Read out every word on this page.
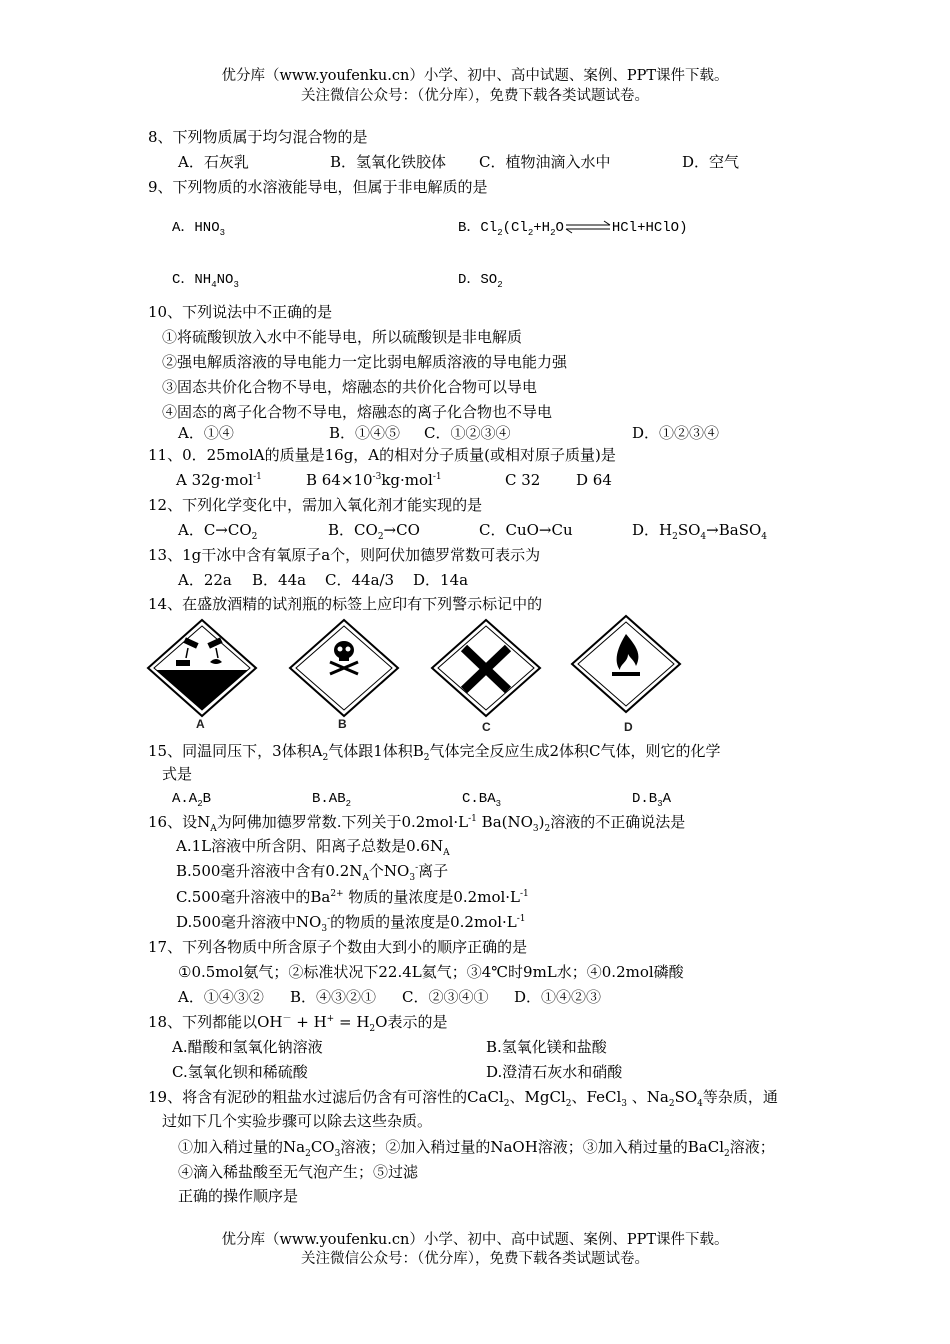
优分库（www.youfenku.cn）小学、初中、高中试题、案例、PPT课件下载。
关注微信公众号：（优分库），免费下载各类试题试卷。
8、下列物质属于均匀混合物的是
A．石灰乳	B．氢氧化铁胶体 C．植物油滴入水中	D．空气
9、下列物质的水溶液能导电，但属于非电解质的是
A．$HNO_3$	B．$Cl_2(Cl_2+H_2O\rightleftharpoons HCl+HClO)$
C．$NH_4NO_3$	D．$SO_2$
10、下列说法中不正确的是
①将硫酸钡放入水中不能导电，所以硫酸钡是非电解质
②强电解质溶液的导电能力一定比弱电解质溶液的导电能力强
③固态共价化合物不导电，熔融态的共价化合物可以导电
④固态的离子化合物不导电，熔融态的离子化合物也不导电
A．①④	B．①④⑤ C．①②③④	D．①②③④
11、0．25molA的质量是16g，A的相对分子质量(或相对原子质量)是
A 32g·mol$^{-1}$	B $64\times 10^{-3}kg\cdot mol^{-1}$	C 32 D 64
12、下列化学变化中，需加入氧化剂才能实现的是
A．$C\to CO_2$	B．$CO_2\to CO$	C．CuO→Cu	D．$H_2SO_4\to BaSO_4$
13、1g干冰中含有氧原子a个，则阿伏加德罗常数可表示为
A．22a B．44a C．44a/3 D．14a
14、在盛放酒精的试剂瓶的标签上应印有下列警示标记中的
A	B	C	D
15、同温同压下，3体积$A_2$气体跟1体积$B_2$气体完全反应生成2体积C气体，则它的化学
式是
$A.A_2B$	$B.AB_2$	$C.BA_3$	$D.B_3A$
16、设$N_A$为阿佛加德罗常数.下列关于$0.2mol\cdot L^{-1}$ $Ba(NO_3)_2$溶液的不正确说法是
A.1L溶液中所含阴、阳离子总数是$0.6N_A$
B.500毫升溶液中含有$0.2N_A$个$NO_3^-$离子
C.500毫升溶液中的$Ba^{2+}$ 物质的量浓度是$0.2mol\cdot L^{-1}$
D.500毫升溶液中$NO_3^-$的物质的量浓度是$0.2mol\cdot L^{-1}$
17、下列各物质中所含原子个数由大到小的顺序正确的是
①0.5mol氨气；②标准状况下22.4L氦气；③4℃时9mL水；④0.2mol磷酸
A．①④③② B．④③②① C．②③④① D．①④②③
18、下列都能以$OH^- + H^+ = H_2O$表示的是
A.醋酸和氢氧化钠溶液	B.氢氧化镁和盐酸
C.氢氧化钡和稀硫酸	D.澄清石灰水和硝酸
19、将含有泥砂的粗盐水过滤后仍含有可溶性的CaCl$_2$、MgCl$_2$、FeCl$_3$ 、$Na_2SO_4$等杂质，通
过如下几个实验步骤可以除去这些杂质。
①加入稍过量的$Na_2CO_3$溶液；②加入稍过量的NaOH溶液；③加入稍过量的BaCl$_2$溶液；
④滴入稀盐酸至无气泡产生；⑤过滤
正确的操作顺序是
优分库（www.youfenku.cn）小学、初中、高中试题、案例、PPT课件下载。
关注微信公众号：（优分库），免费下载各类试题试卷。
